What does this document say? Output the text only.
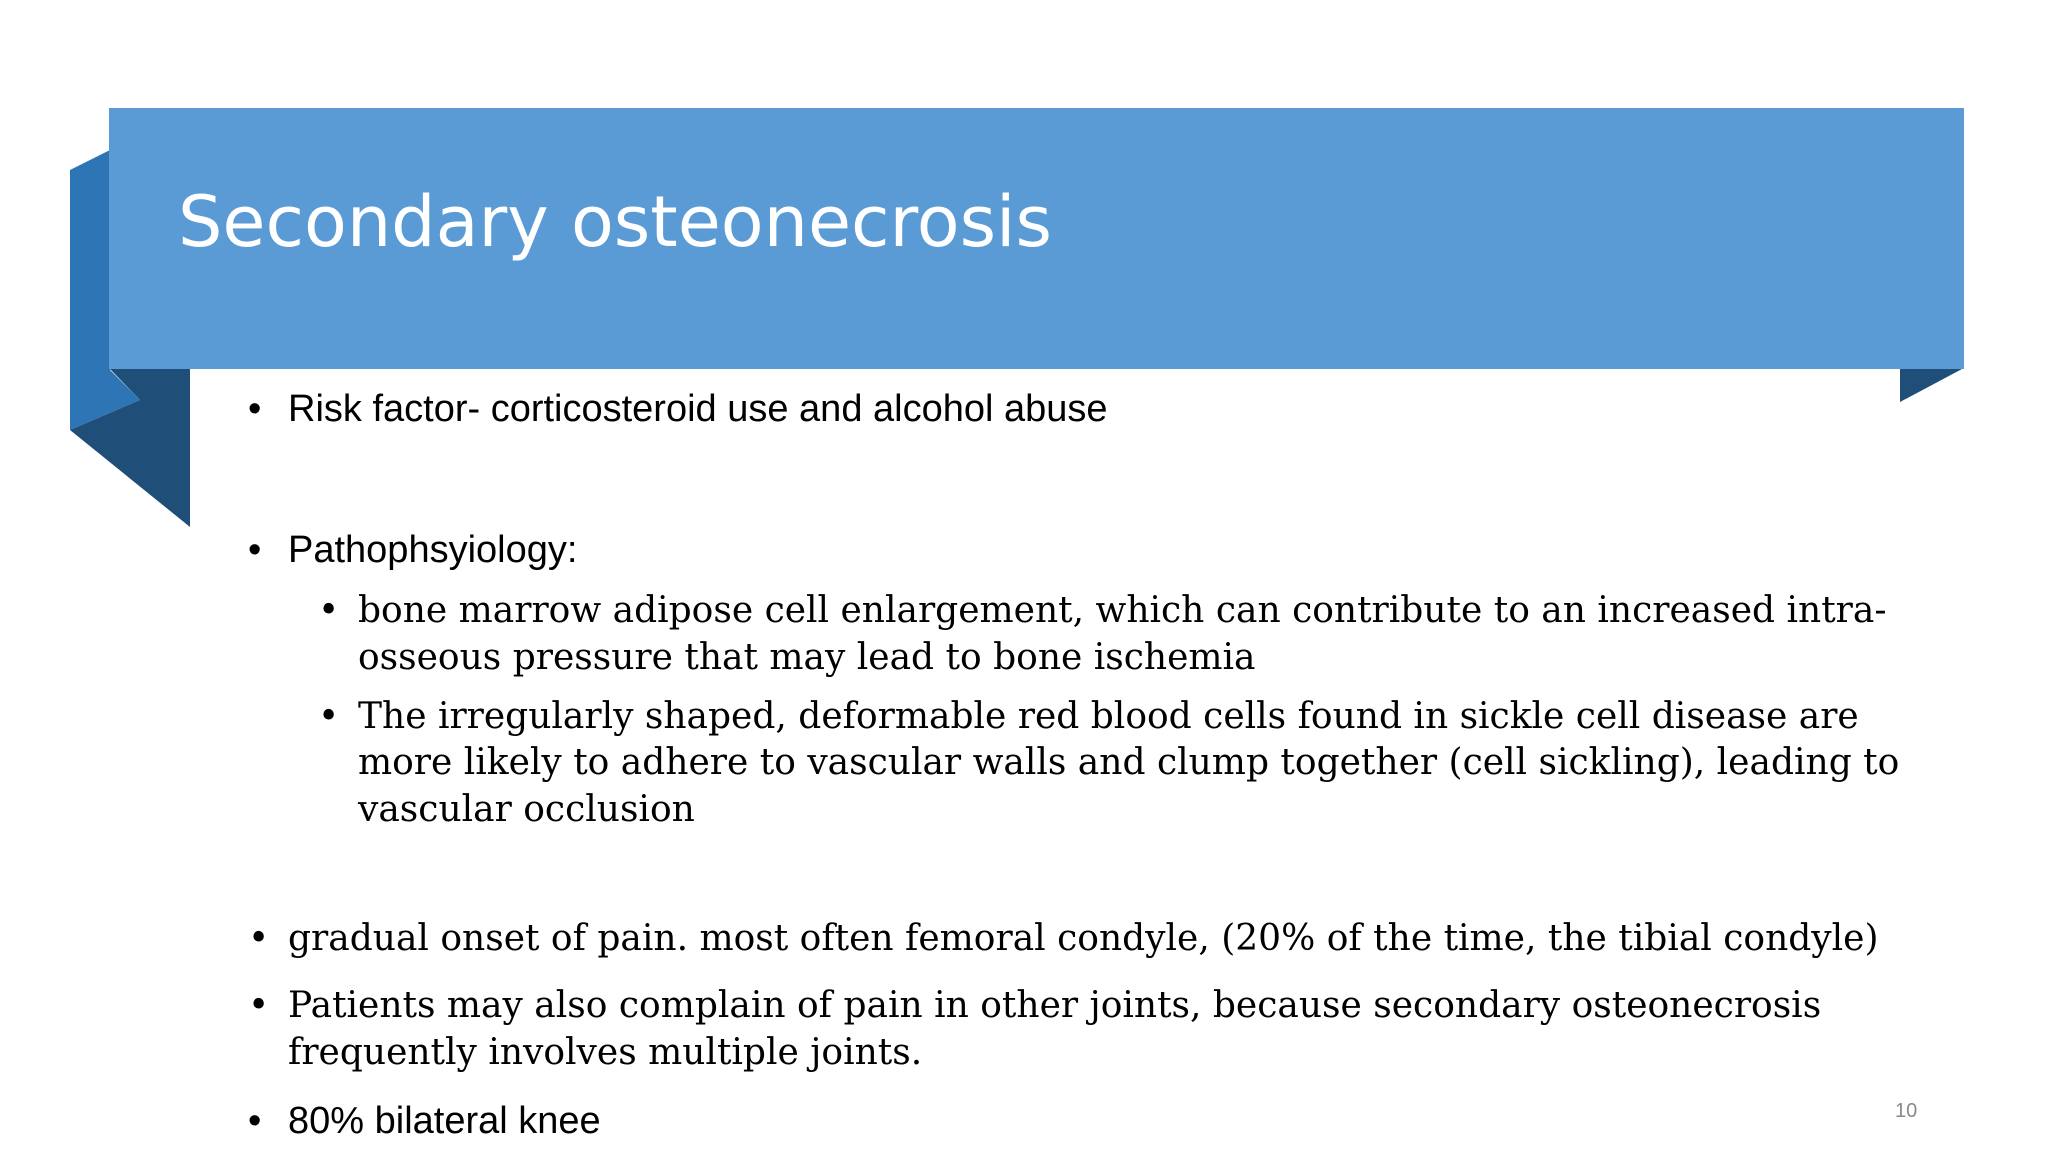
Secondary osteonecrosis
• Risk factor- corticosteroid use and alcohol abuse
• Pathophsyiology:
• bone marrow adipose cell enlargement, which can contribute to an increased intra-osseous pressure that may lead to bone ischemia
• The irregularly shaped, deformable red blood cells found in sickle cell disease are more likely to adhere to vascular walls and clump together (cell sickling), leading to vascular occlusion
• gradual onset of pain. most often femoral condyle, (20% of the time, the tibial condyle)
• Patients may also complain of pain in other joints, because secondary osteonecrosis frequently involves multiple joints.
• 80% bilateral knee	10
